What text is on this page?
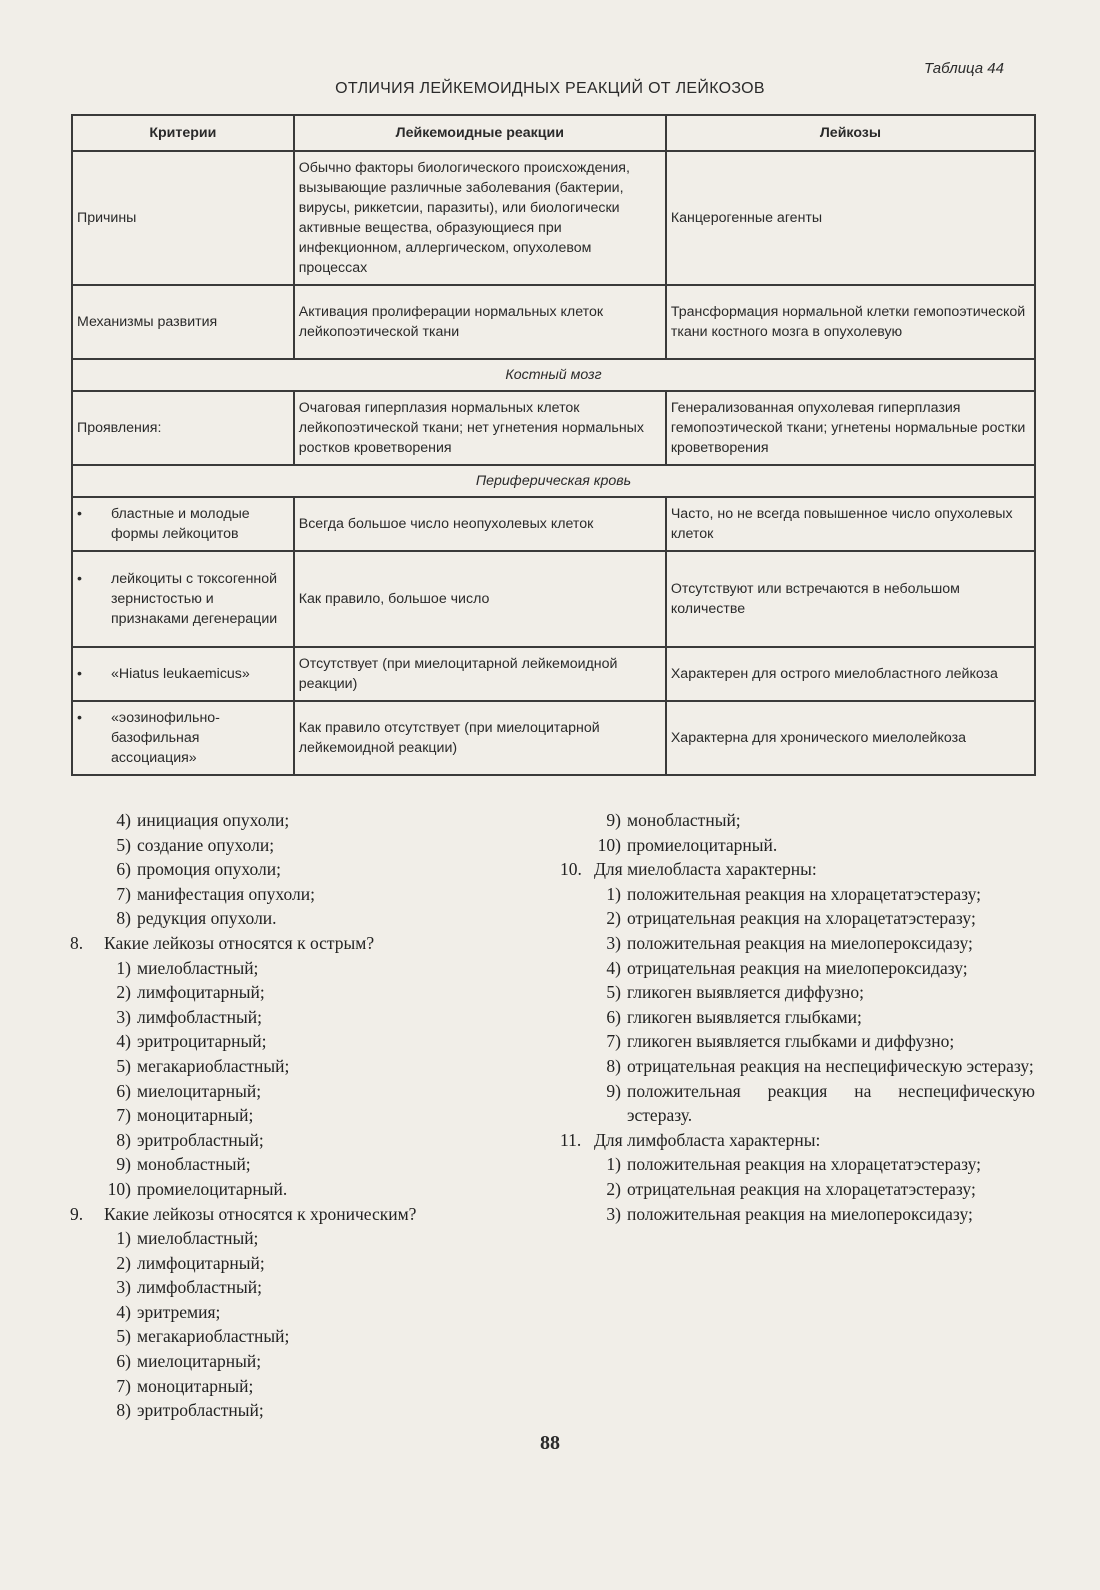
Таблица 44
ОТЛИЧИЯ ЛЕЙКЕМОИДНЫХ РЕАКЦИЙ ОТ ЛЕЙКОЗОВ
Критерии	Лейкемоидные реакции	Лейкозы
Причины	Обычно факторы биологического происхождения, вызывающие различные заболевания (бактерии, вирусы, риккетсии, паразиты), или биологически активные вещества, образующиеся при инфекционном, аллергическом, опухолевом процессах	Канцерогенные агенты
Механизмы развития	Активация пролиферации нормальных клеток лейкопоэтической ткани	Трансформация нормальной клетки гемопоэтической ткани костного мозга в опухолевую
Костный мозг		
Проявления:	Очаговая гиперплазия нормальных клеток лейкопоэтической ткани; нет угнетения нормальных ростков кроветворения	Генерализованная опухолевая гиперплазия гемопоэтической ткани; угнетены нормальные ростки кроветворения
Периферическая кровь		

• бластные и молодые формы лейкоцитов	Всегда большое число неопухолевых клеток	Часто, но не всегда повышенное число опухолевых клеток

• лейкоциты с токсогенной зернистостью и признаками дегенерации	Как правило, большое число	Отсутствуют или встречаются в небольшом количестве

• «Hiatus leukaemicus»	Отсутствует (при миелоцитарной лейкемоидной реакции)	Характерен для острого миелобластного лейкоза

• «эозинофильно-базофильная ассоциация»	Как правило отсутствует (при миелоцитарной лейкемоидной реакции)	Характерна для хронического миелолейкоза
4) инициация опухоли;
5) создание опухоли;
6) промоция опухоли;
7) манифестация опухоли;
8) редукция опухоли.
8.	Какие лейкозы относятся к острым?
1) миелобластный;
2) лимфоцитарный;
3) лимфобластный;
4) эритроцитарный;
5) мегакариобластный;
6) миелоцитарный;
7) моноцитарный;
8) эритробластный;
9) монобластный;
10) промиелоцитарный.
9.	Какие лейкозы относятся к хроническим?
1) миелобластный;
2) лимфоцитарный;
3) лимфобластный;
4) эритремия;
5) мегакариобластный;
6) миелоцитарный;
7) моноцитарный;
8) эритробластный;
9) монобластный;
10) промиелоцитарный.
10. Для миелобласта характерны:
1) положительная реакция на хлорацетатэстеразу;
2) отрицательная реакция на хлорацетатэстеразу;
3) положительная реакция на миелопероксидазу;
4) отрицательная реакция на миелопероксидазу;
5) гликоген выявляется диффузно;
6) гликоген выявляется глыбками;
7) гликоген выявляется глыбками и диффузно;
8) отрицательная реакция на неспецифическую эстеразу;
9) положительная реакция на неспецифическую эстеразу.
11. Для лимфобласта характерны:
1) положительная реакция на хлорацетатэстеразу;
2) отрицательная реакция на хлорацетатэстеразу;
3) положительная реакция на миелопероксидазу;
88
